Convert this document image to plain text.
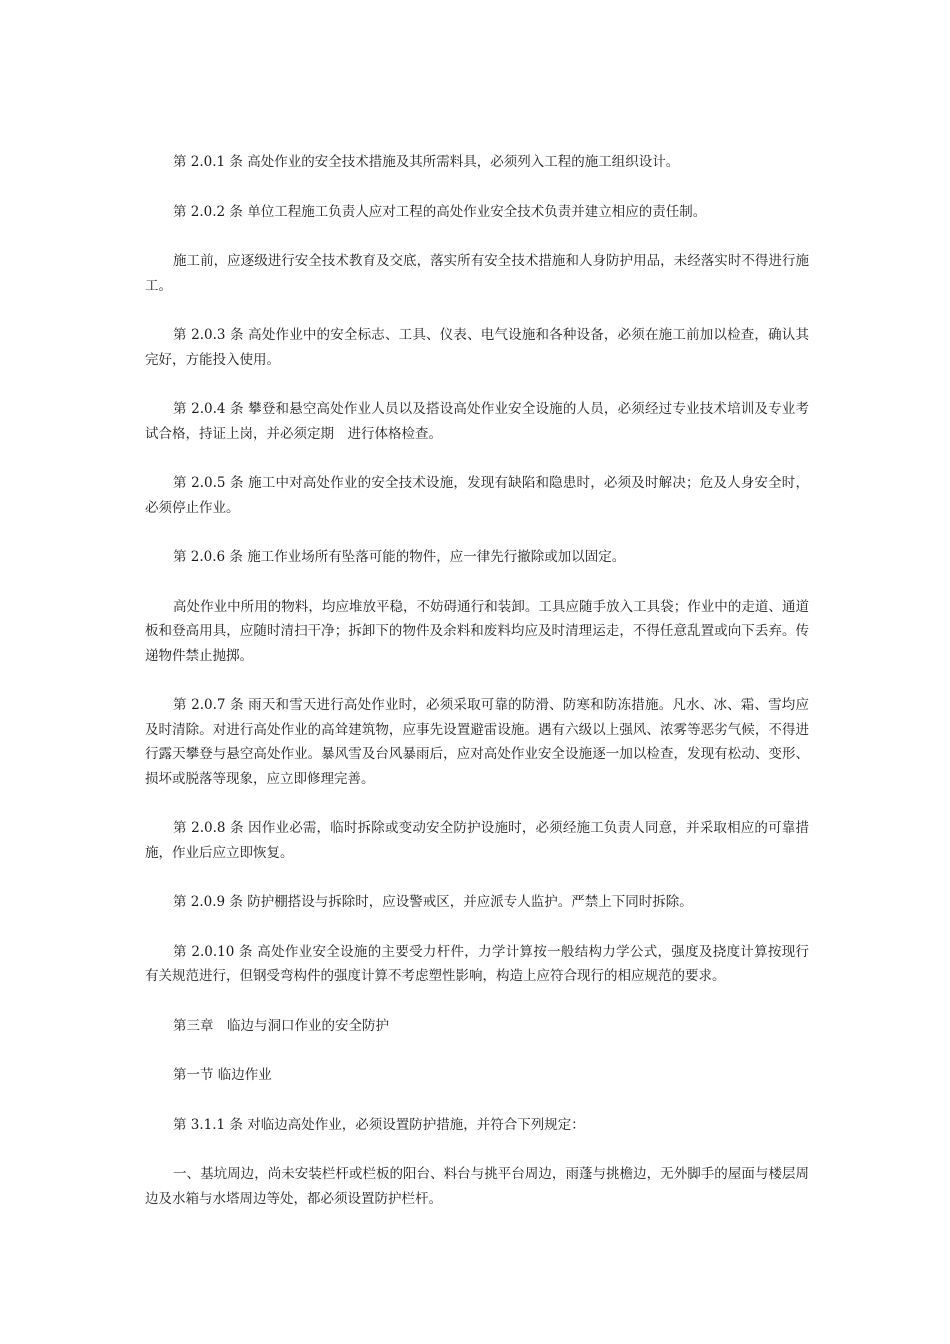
第 2.0.1 条 高处作业的安全技术措施及其所需料具，必须列入工程的施工组织设计。

第 2.0.2 条 单位工程施工负责人应对工程的高处作业安全技术负责并建立相应的责任制。

施工前，应逐级进行安全技术教育及交底，落实所有安全技术措施和人身防护用品，未经落实时不得进行施工。

第 2.0.3 条 高处作业中的安全标志、工具、仪表、电气设施和各种设备，必须在施工前加以检查，确认其完好，方能投入使用。

第 2.0.4 条 攀登和悬空高处作业人员以及搭设高处作业安全设施的人员，必须经过专业技术培训及专业考试合格，持证上岗，并必须定期　进行体格检查。

第 2.0.5 条 施工中对高处作业的安全技术设施，发现有缺陷和隐患时，必须及时解决；危及人身安全时，必须停止作业。

第 2.0.6 条 施工作业场所有坠落可能的物件，应一律先行撤除或加以固定。

高处作业中所用的物料，均应堆放平稳，不妨碍通行和装卸。工具应随手放入工具袋；作业中的走道、通道板和登高用具，应随时清扫干净；拆卸下的物件及余料和废料均应及时清理运走，不得任意乱置或向下丢弃。传递物件禁止抛掷。

第 2.0.7 条 雨天和雪天进行高处作业时，必须采取可靠的防滑、防寒和防冻措施。凡水、冰、霜、雪均应及时清除。对进行高处作业的高耸建筑物，应事先设置避雷设施。遇有六级以上强风、浓雾等恶劣气候，不得进行露天攀登与悬空高处作业。暴风雪及台风暴雨后，应对高处作业安全设施逐一加以检查，发现有松动、变形、损坏或脱落等现象，应立即修理完善。

第 2.0.8 条 因作业必需，临时拆除或变动安全防护设施时，必须经施工负责人同意，并采取相应的可靠措施，作业后应立即恢复。

第 2.0.9 条 防护棚搭设与拆除时，应设警戒区，并应派专人监护。严禁上下同时拆除。

第 2.0.10 条 高处作业安全设施的主要受力杆件，力学计算按一般结构力学公式，强度及挠度计算按现行有关规范进行，但钢受弯构件的强度计算不考虑塑性影响，构造上应符合现行的相应规范的要求。

第三章　临边与洞口作业的安全防护

第一节 临边作业

第 3.1.1 条 对临边高处作业，必须设置防护措施，并符合下列规定：

一、基坑周边，尚未安装栏杆或栏板的阳台、料台与挑平台周边，雨蓬与挑檐边，无外脚手的屋面与楼层周边及水箱与水塔周边等处，都必须设置防护栏杆。
